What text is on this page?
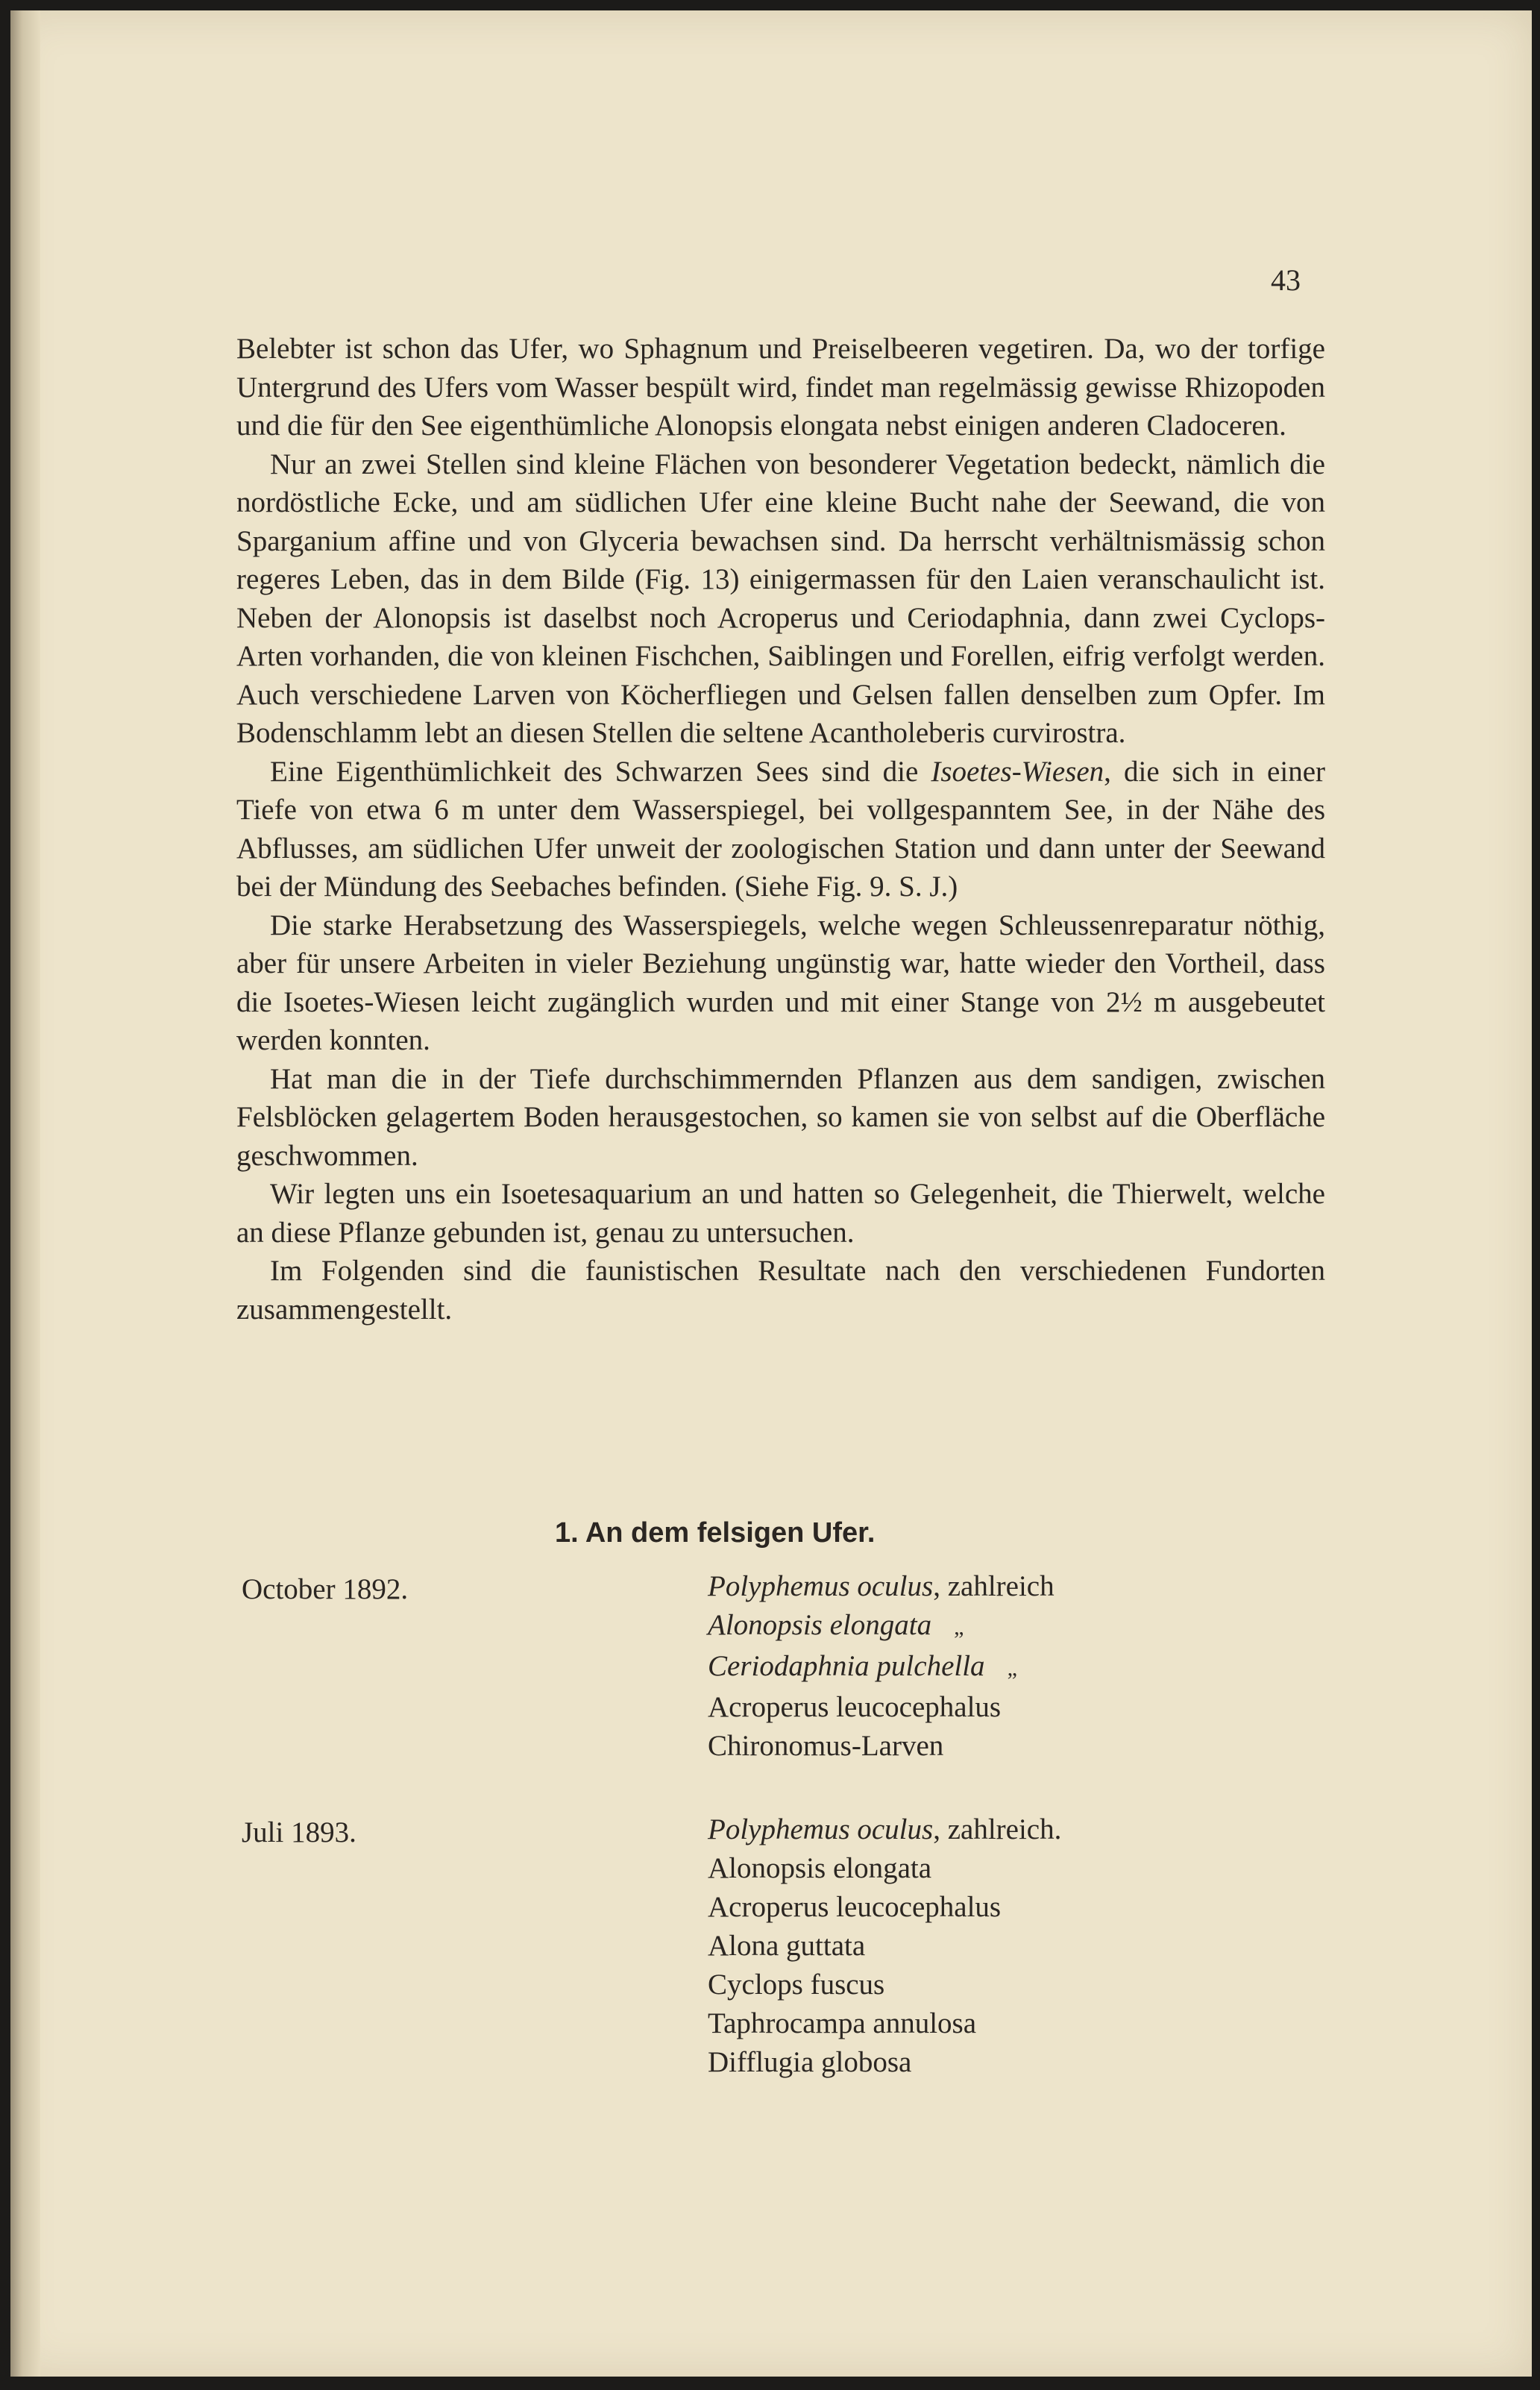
43

Belebter ist schon das Ufer, wo Sphagnum und Preiselbeeren vegetiren. Da, wo der torfige Untergrund des Ufers vom Wasser bespült wird, findet man regelmässig gewisse Rhizopoden und die für den See eigenthümliche Alonopsis elongata nebst einigen anderen Cladoceren.

Nur an zwei Stellen sind kleine Flächen von besonderer Vegetation bedeckt, nämlich die nordöstliche Ecke, und am südlichen Ufer eine kleine Bucht nahe der Seewand, die von Sparganium affine und von Glyceria bewachsen sind. Da herrscht verhältnismässig schon regeres Leben, das in dem Bilde (Fig. 13) einigermassen für den Laien veranschaulicht ist. Neben der Alonopsis ist daselbst noch Acroperus und Ceriodaphnia, dann zwei Cyclops-Arten vorhanden, die von kleinen Fischchen, Saiblingen und Forellen, eifrig verfolgt werden. Auch verschiedene Larven von Köcherfliegen und Gelsen fallen denselben zum Opfer. Im Bodenschlamm lebt an diesen Stellen die seltene Acantholeberis curvirostra.

Eine Eigenthümlichkeit des Schwarzen Sees sind die Isoetes-Wiesen, die sich in einer Tiefe von etwa 6 m unter dem Wasserspiegel, bei vollgespanntem See, in der Nähe des Abflusses, am südlichen Ufer unweit der zoologischen Station und dann unter der Seewand bei der Mündung des Seebaches befinden. (Siehe Fig. 9. S. J.)

Die starke Herabsetzung des Wasserspiegels, welche wegen Schleussenreparatur nöthig, aber für unsere Arbeiten in vieler Beziehung ungünstig war, hatte wieder den Vortheil, dass die Isoetes-Wiesen leicht zugänglich wurden und mit einer Stange von 2½ m ausgebeutet werden konnten.

Hat man die in der Tiefe durchschimmernden Pflanzen aus dem sandigen, zwischen Felsblöcken gelagertem Boden herausgestochen, so kamen sie von selbst auf die Oberfläche geschwommen.

Wir legten uns ein Isoetesaquarium an und hatten so Gelegenheit, die Thierwelt, welche an diese Pflanze gebunden ist, genau zu untersuchen.

Im Folgenden sind die faunistischen Resultate nach den verschiedenen Fundorten zusammengestellt.

1. An dem felsigen Ufer.
October 1892.	Polyphemus oculus, zahlreich
Alonopsis elongata „
Ceriodaphnia pulchella „
Acroperus leucocephalus
Chironomus-Larven
Juli 1893.	Polyphemus oculus, zahlreich.
Alonopsis elongata
Acroperus leucocephalus
Alona guttata
Cyclops fuscus
Taphrocampa annulosa
Difflugia globosa
